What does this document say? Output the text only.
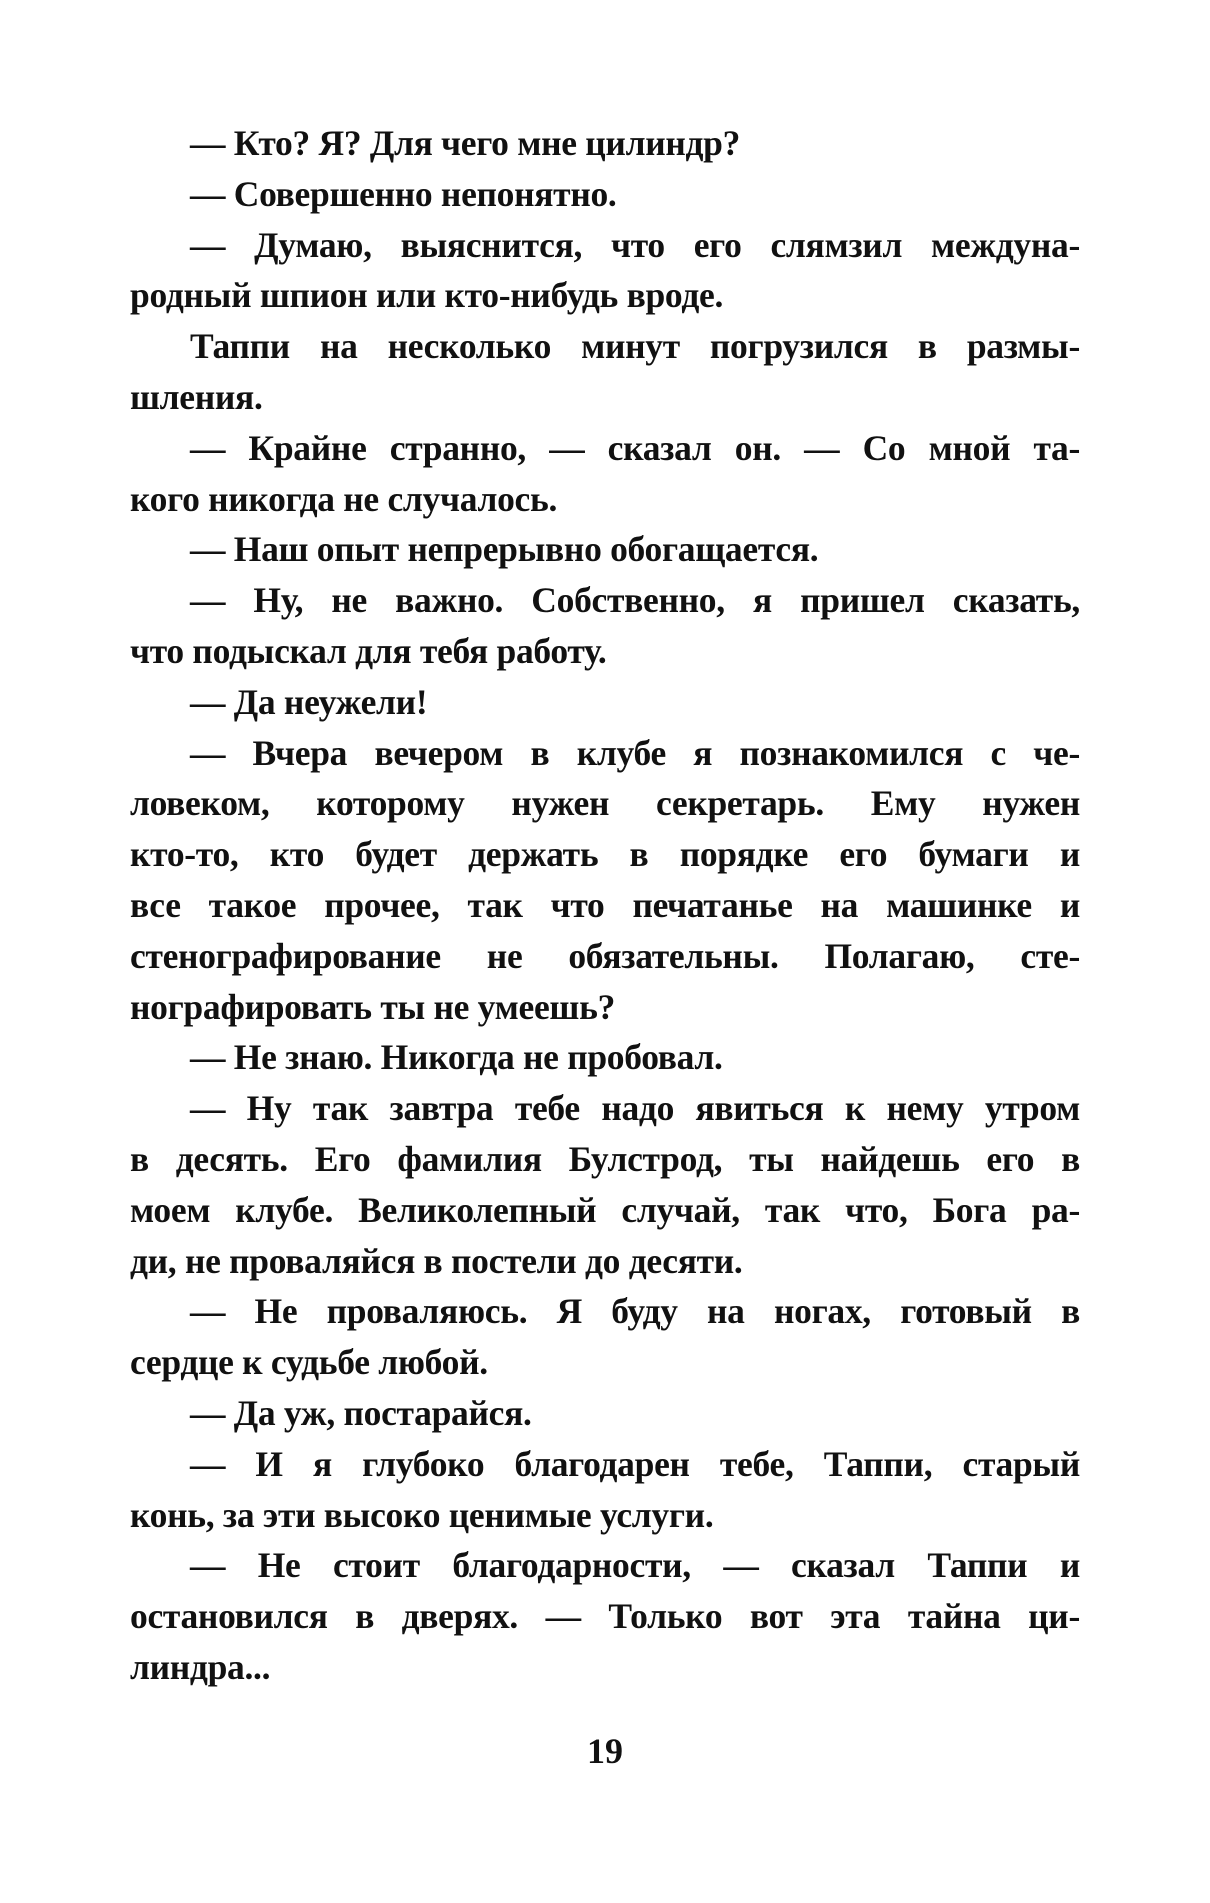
— Кто? Я? Для чего мне цилиндр?
— Совершенно непонятно.
— Думаю, выяснится, что его слямзил междуна-
родный шпион или кто-нибудь вроде.
Таппи на несколько минут погрузился в размы-
шления.
— Крайне странно, — сказал он. — Со мной та-
кого никогда не случалось.
— Наш опыт непрерывно обогащается.
— Ну, не важно. Собственно, я пришел сказать,
что подыскал для тебя работу.
— Да неужели!
— Вчера вечером в клубе я познакомился с че-
ловеком, которому нужен секретарь. Ему нужен
кто-то, кто будет держать в порядке его бумаги и
все такое прочее, так что печатанье на машинке и
стенографирование не обязательны. Полагаю, сте-
нографировать ты не умеешь?
— Не знаю. Никогда не пробовал.
— Ну так завтра тебе надо явиться к нему утром
в десять. Его фамилия Булстрод, ты найдешь его в
моем клубе. Великолепный случай, так что, Бога ра-
ди, не проваляйся в постели до десяти.
— Не проваляюсь. Я буду на ногах, готовый в
сердце к судьбе любой.
— Да уж, постарайся.
— И я глубоко благодарен тебе, Таппи, старый
конь, за эти высоко ценимые услуги.
— Не стоит благодарности, — сказал Таппи и
остановился в дверях. — Только вот эта тайна ци-
линдра...
19
